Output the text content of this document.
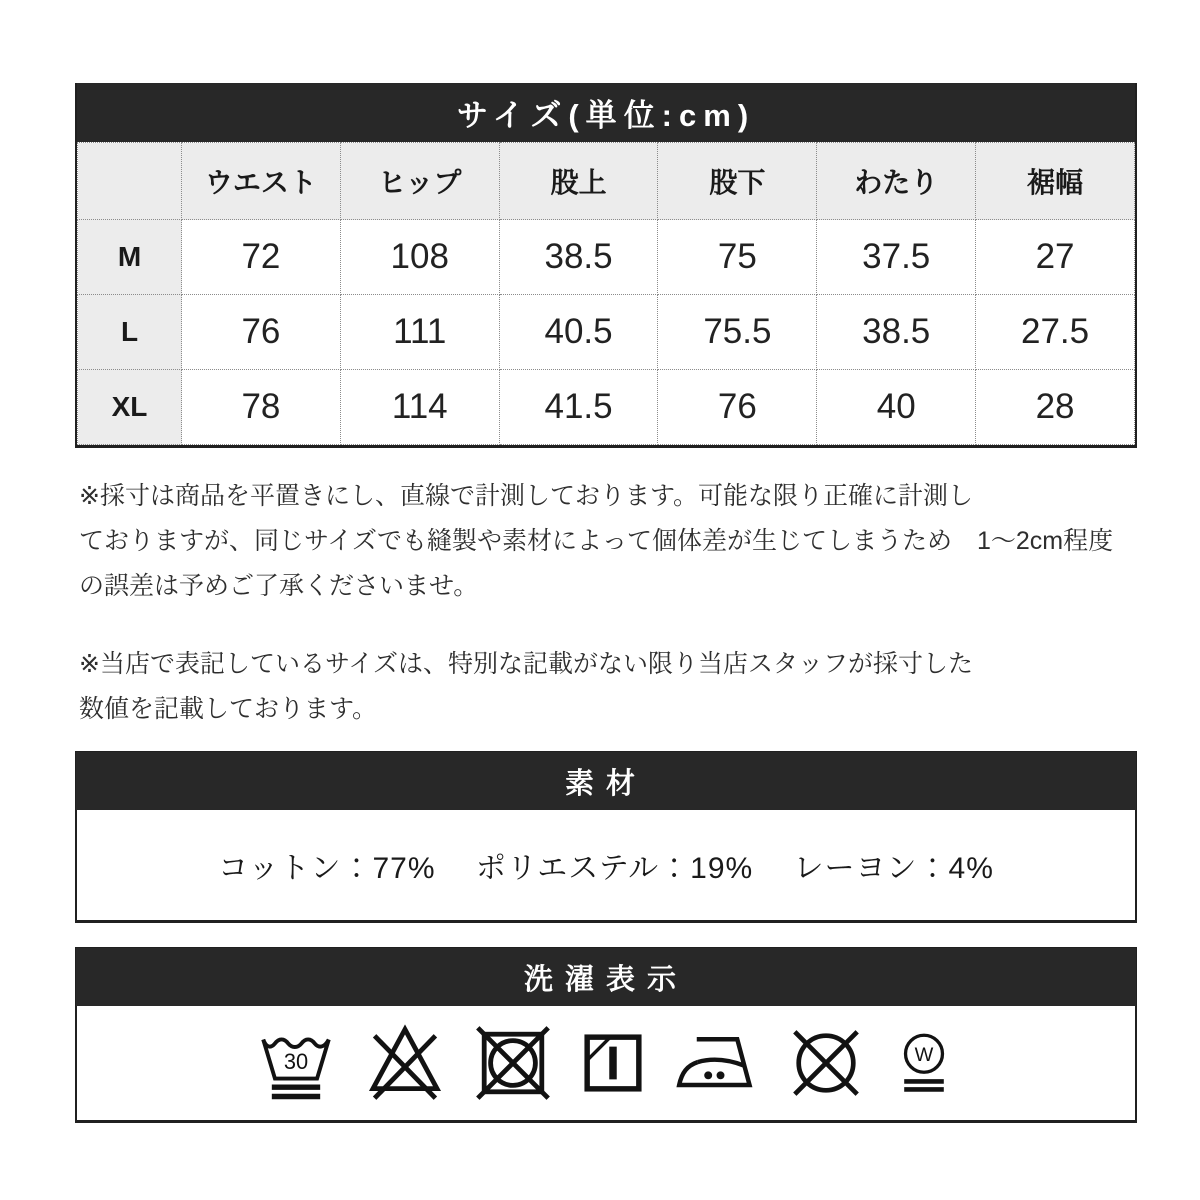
サイズ(単位:cm)
	ウエスト	ヒップ	股上	股下	わたり	裾幅
M	72	108	38.5	75	37.5	27
L	76	111	40.5	75.5	38.5	27.5
XL	78	114	41.5	76	40	28

※採寸は商品を平置きにし、直線で計測しております。可能な限り正確に計測し
ておりますが、同じサイズでも縫製や素材によって個体差が生じてしまうため　1～2cm程度
の誤差は予めご了承くださいませ。

※当店で表記しているサイズは、特別な記載がない限り当店スタッフが採寸した
数値を記載しております。

素材
コットン：77%　 ポリエステル：19%　 レーヨン：4%
洗濯表示
30	W
